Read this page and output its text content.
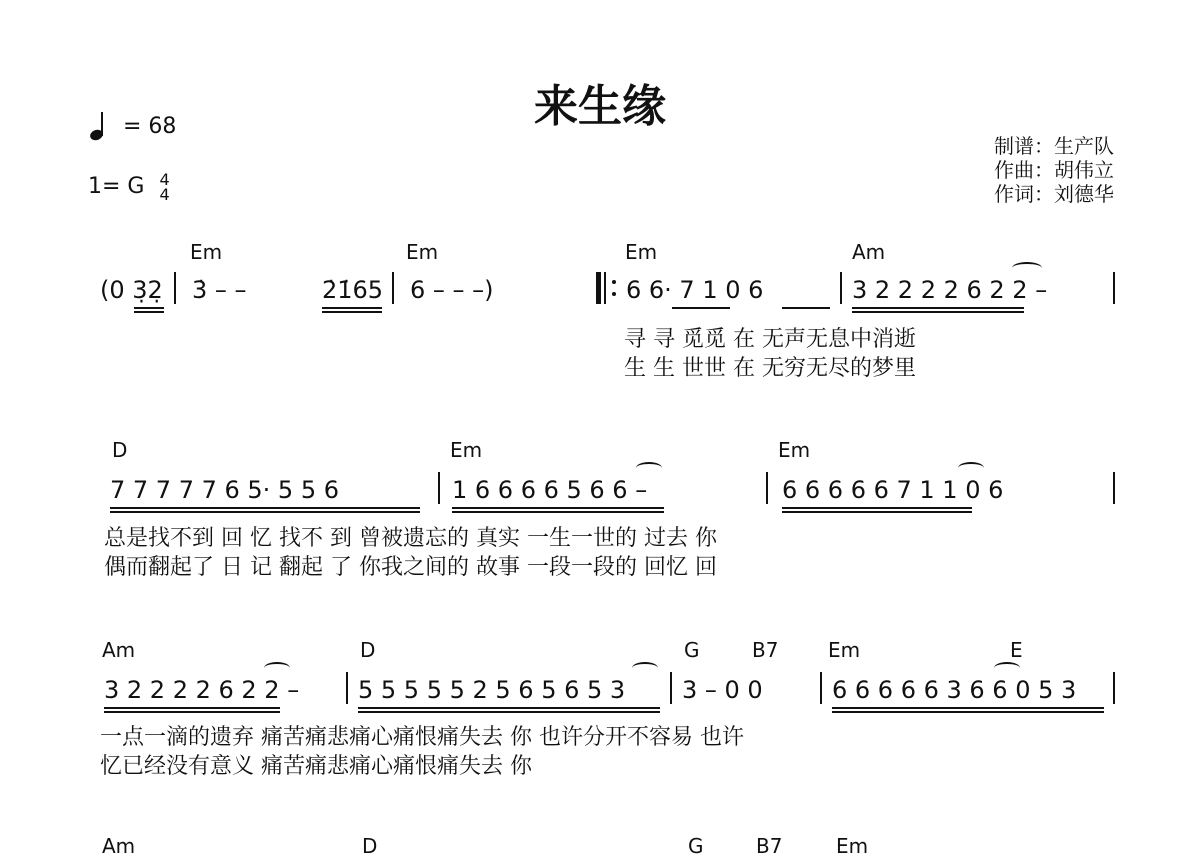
来生缘
= 68
1= G 4
4
制谱：生产队
作曲：胡伟立
作词：刘德华
Em	Em	Em	Am
(0 3̣2̣ 3̇ – –	2̇1̇65 6 – – –)	6 6· 7 1 0 6	3 2 2 2 2 6 2 2 –
寻 寻 觅觅 在 无声无息中消逝
生 生 世世 在 无穷无尽的梦里
D	Em	Em
7 7 7 7 7 6 5· 5 5 6	1 6 6 6 6 5 6 6 –	6 6 6 6 6 7 1 1 0 6
总是找不到 回 忆 找不 到 曾被遗忘的 真实 一生一世的 过去 你
偶而翻起了 日 记 翻起 了 你我之间的 故事 一段一段的 回忆 回
Am	D	G	B7 Em	E
3 2 2 2 2 6 2 2 – 5 5 5 5 5 2 5 6 5 6 5 3 3 – 0 0	6 6 6 6 6 3 6 6 0 5 3
一点一滴的遗弃 痛苦痛悲痛心痛恨痛失去 你 也许分开不容易 也许
忆已经没有意义 痛苦痛悲痛心痛恨痛失去 你
Am	D	G	B7	Em
